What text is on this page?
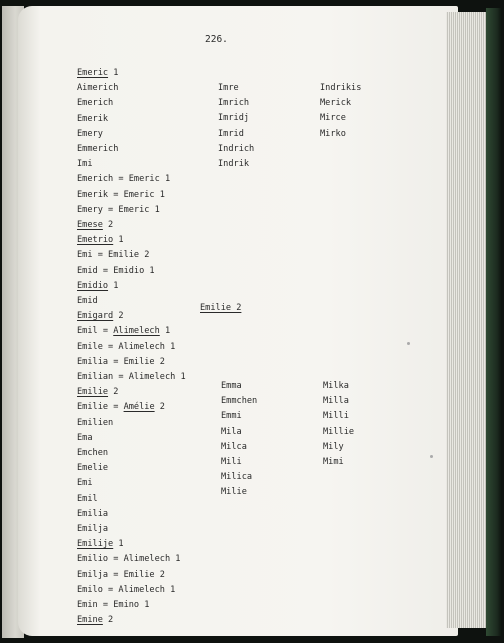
226.
Emeric 1
Aimerich
Emerich
Emerik
Emery
Emmerich
Imi
Emerich = Emeric 1
Emerik = Emeric 1
Emery = Emeric 1
Emese 2
Emetrio 1
Emi = Emilie 2
Emid = Emidio 1
Emidio 1
Emid
Emigard 2
Emil = Alimelech 1
Emile = Alimelech 1
Emilia = Emilie 2
Emilian = Alimelech 1
Emilie 2
Emilie = Amélie 2
Emilien
Ema
Emchen
Emelie
Emi
Emil
Emilia
Emilja
Emilije 1
Emilio = Alimelech 1
Emilja = Emilie 2
Emilo = Alimelech 1
Emin = Emino 1
Emine 2
Imre
Imrich
Imridj
Imrid
Indrich
Indrik
Indrikis
Merick
Mirce
Mirko
Emilie 2
Emma
Emmchen
Emmi
Mila
Milca
Mili
Milica
Milie
Milka
Milla
Milli
Millie
Mily
Mimi
